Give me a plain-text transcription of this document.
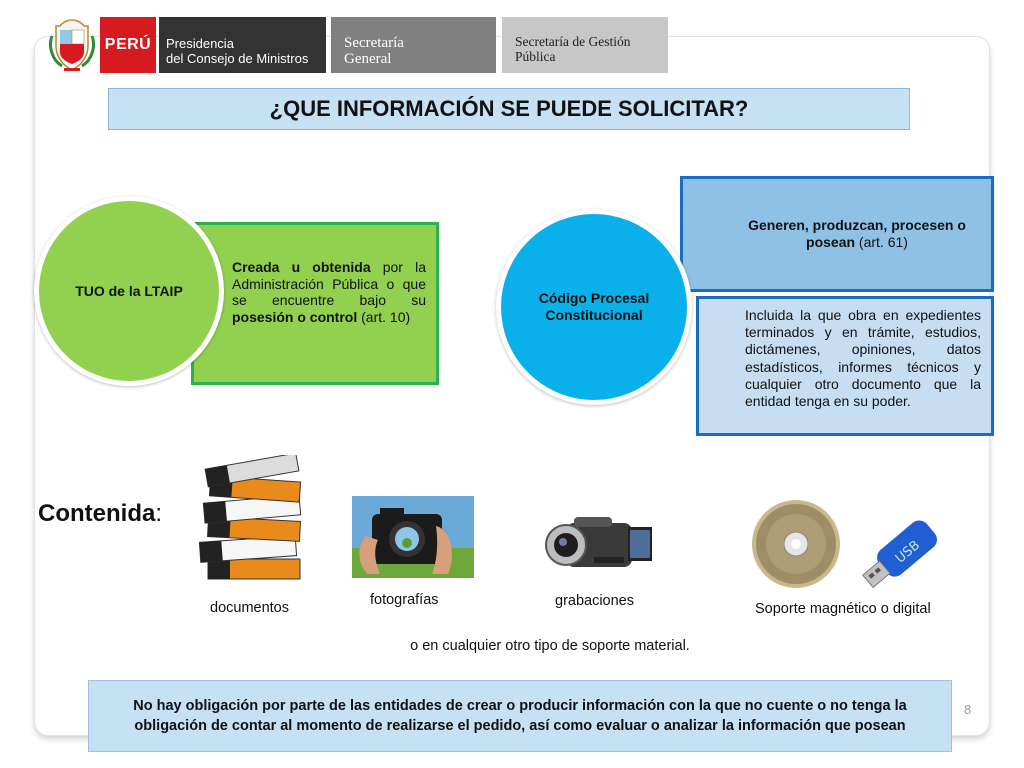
PERÚ	Presidencia
del Consejo de Ministros
Secretaría
General
Secretaría de Gestión
Pública
¿QUE INFORMACIÓN SE PUEDE SOLICITAR?
Creada u obtenida por la Administración Pública o que se encuentre bajo su posesión o control (art. 10)
TUO de la LTAIP
Generen, produzcan, procesen o posean (art. 61)
Incluida la que obra en expedientes terminados y en trámite, estudios, dictámenes, opiniones, datos estadísticos, informes técnicos y cualquier otro documento que la entidad tenga en su poder.
Código Procesal Constitucional
Contenida:
documentos	fotografías	grabaciones
USB
Soporte magnético o digital
o en cualquier otro tipo de soporte material.
No hay obligación por parte de las entidades de crear o producir información con la que no cuente o no tenga la obligación de contar al momento de realizarse el pedido, así como evaluar o analizar la información que posean
8
